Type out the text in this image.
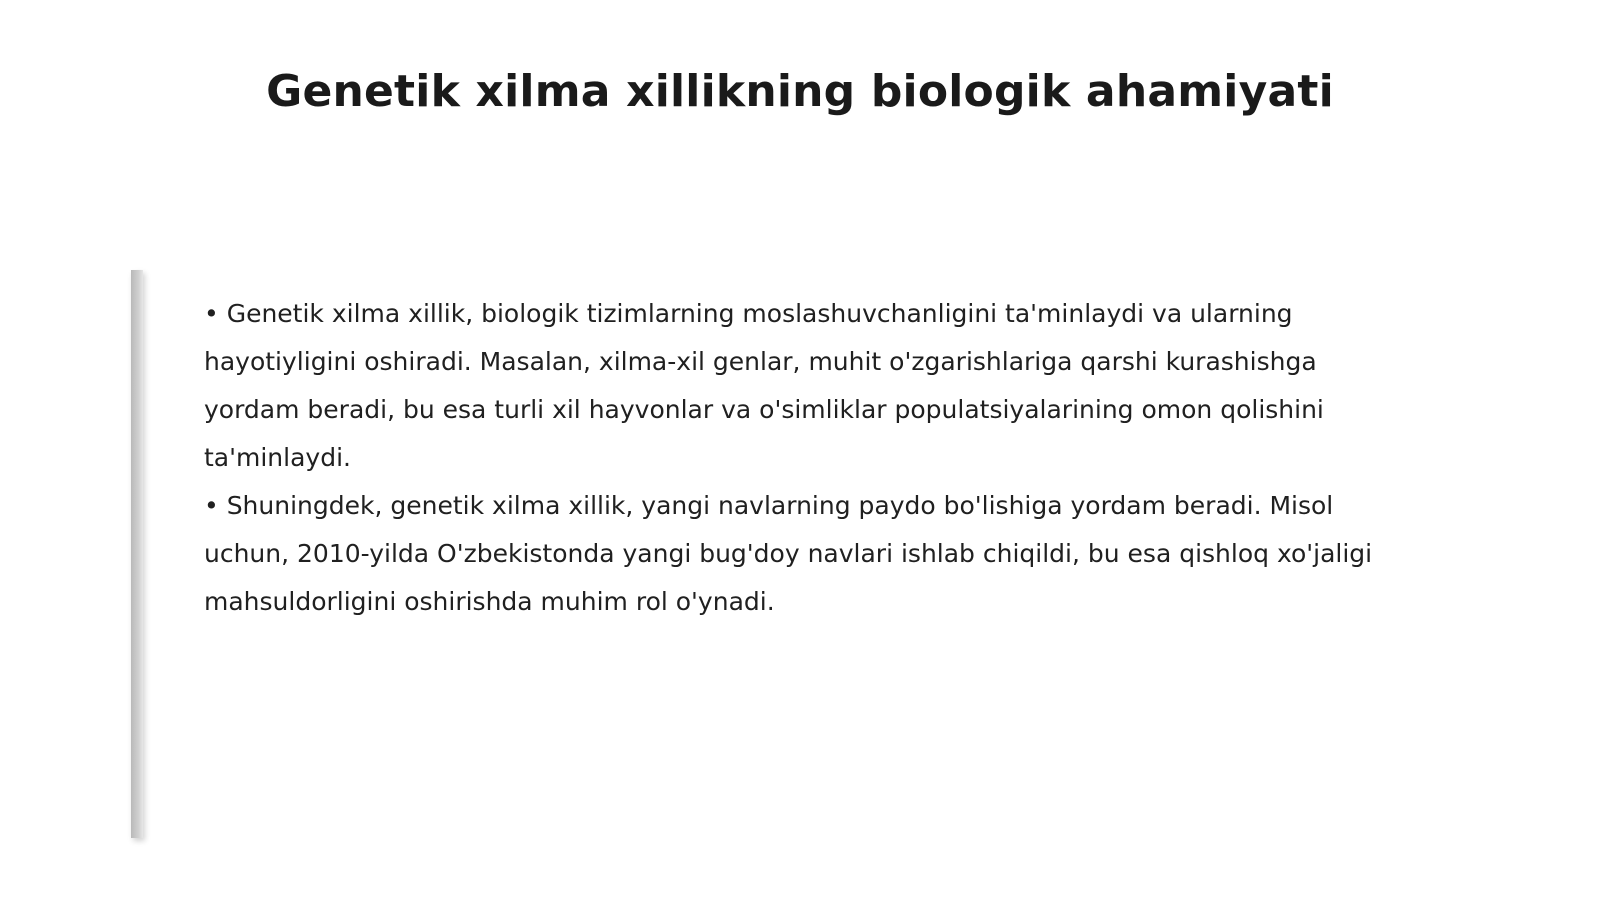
Genetik xilma xillikning biologik ahamiyati

• Genetik xilma xillik, biologik tizimlarning moslashuvchanligini ta'minlaydi va ularning hayotiyligini oshiradi. Masalan, xilma-xil genlar, muhit o'zgarishlariga qarshi kurashishga yordam beradi, bu esa turli xil hayvonlar va o'simliklar populatsiyalarining omon qolishini ta'minlaydi.

• Shuningdek, genetik xilma xillik, yangi navlarning paydo bo'lishiga yordam beradi. Misol uchun, 2010-yilda O'zbekistonda yangi bug'doy navlari ishlab chiqildi, bu esa qishloq xo'jaligi mahsuldorligini oshirishda muhim rol o'ynadi.
